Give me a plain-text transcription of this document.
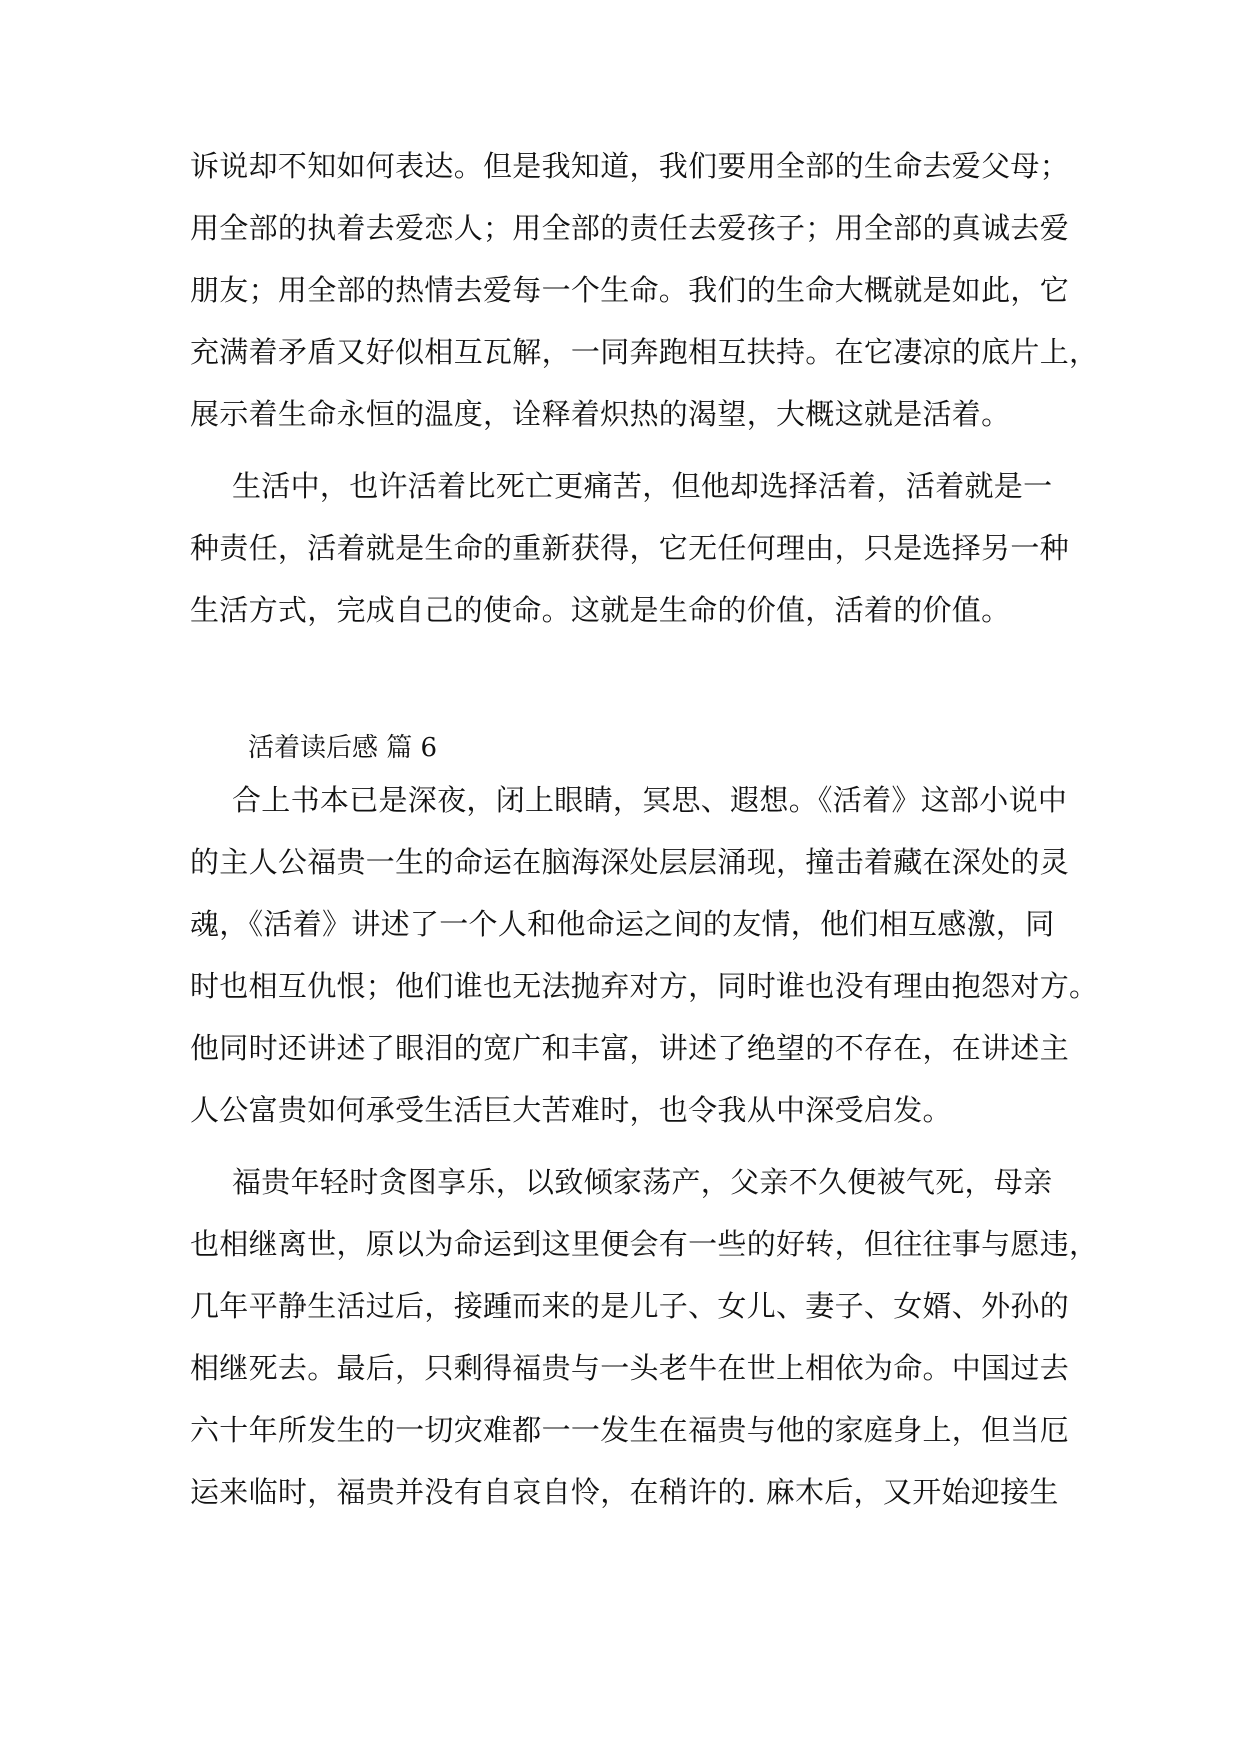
诉说却不知如何表达。但是我知道，我们要用全部的生命去爱父母；
用全部的执着去爱恋人；用全部的责任去爱孩子；用全部的真诚去爱
朋友；用全部的热情去爱每一个生命。我们的生命大概就是如此，它
充满着矛盾又好似相互瓦解，一同奔跑相互扶持。在它凄凉的底片上，
展示着生命永恒的温度，诠释着炽热的渴望，大概这就是活着。
生活中，也许活着比死亡更痛苦，但他却选择活着，活着就是一
种责任，活着就是生命的重新获得，它无任何理由，只是选择另一种
生活方式，完成自己的使命。这就是生命的价值，活着的价值。
活着读后感 篇 6
合上书本已是深夜，闭上眼睛，冥思、遐想。《活着》这部小说中
的主人公福贵一生的命运在脑海深处层层涌现，撞击着藏在深处的灵
魂，《活着》讲述了一个人和他命运之间的友情，他们相互感激，同
时也相互仇恨；他们谁也无法抛弃对方，同时谁也没有理由抱怨对方。
他同时还讲述了眼泪的宽广和丰富，讲述了绝望的不存在，在讲述主
人公富贵如何承受生活巨大苦难时，也令我从中深受启发。
福贵年轻时贪图享乐，以致倾家荡产，父亲不久便被气死，母亲
也相继离世，原以为命运到这里便会有一些的好转，但往往事与愿违，
几年平静生活过后，接踵而来的是儿子、女儿、妻子、女婿、外孙的
相继死去。最后，只剩得福贵与一头老牛在世上相依为命。中国过去
六十年所发生的一切灾难都一一发生在福贵与他的家庭身上，但当厄
运来临时，福贵并没有自哀自怜，在稍许的. 麻木后，又开始迎接生
